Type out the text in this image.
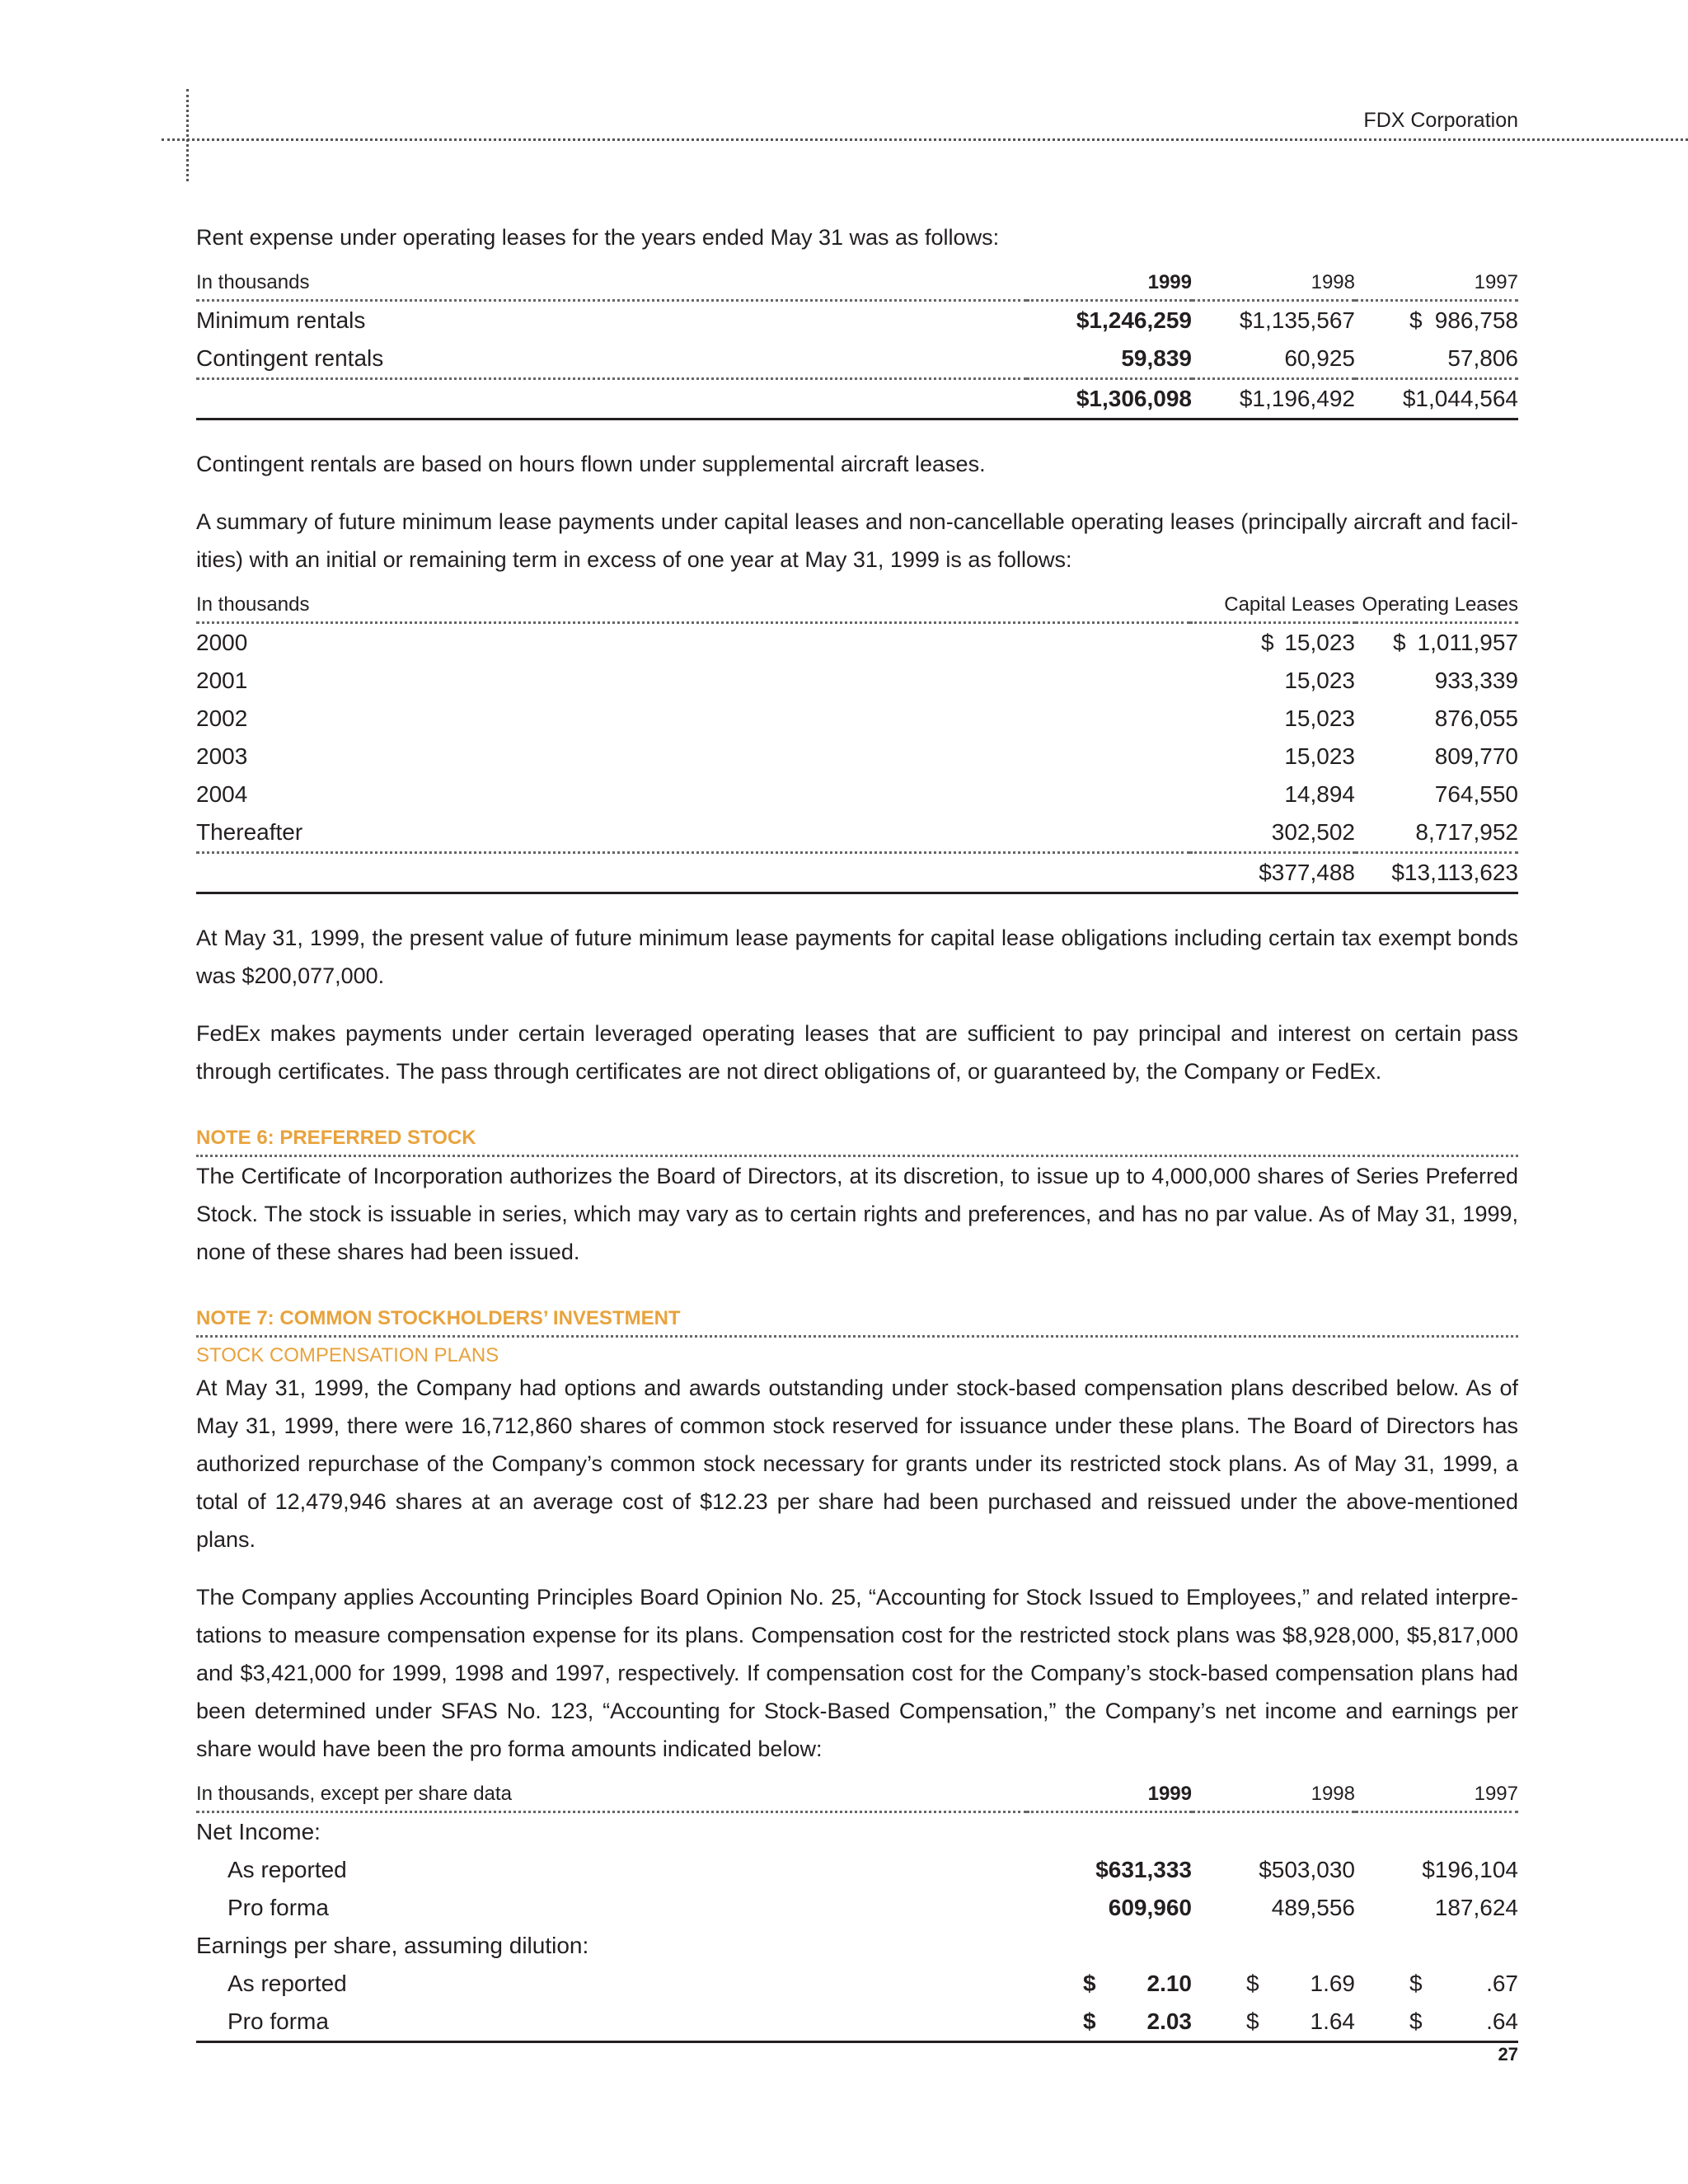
FDX Corporation

Rent expense under operating leases for the years ended May 31 was as follows:

In thousands	1999	1998	1997
Minimum rentals	$1,246,259	$1,135,567	$ 986,758

Contingent rentals	59,839	60,925	57,806
	$1,306,098	$1,196,492	$1,044,564

Contingent rentals are based on hours flown under supplemental aircraft leases.

A summary of future minimum lease payments under capital leases and non-cancellable operating leases (principally aircraft and facil-ities) with an initial or remaining term in excess of one year at May 31, 1999 is as follows:

In thousands	Capital Leases	Operating Leases
2000	$ 15,023	$ 1,011,957

2001	15,023	933,339
2002	15,023	876,055
2003	15,023	809,770
2004	14,894	764,550
Thereafter	302,502	8,717,952
	$377,488	$13,113,623

At May 31, 1999, the present value of future minimum lease payments for capital lease obligations including certain tax exempt bonds was $200,077,000.

FedEx makes payments under certain leveraged operating leases that are sufficient to pay principal and interest on certain pass through certificates. The pass through certificates are not direct obligations of, or guaranteed by, the Company or FedEx.

NOTE 6: PREFERRED STOCK

The Certificate of Incorporation authorizes the Board of Directors, at its discretion, to issue up to 4,000,000 shares of Series Preferred Stock. The stock is issuable in series, which may vary as to certain rights and preferences, and has no par value. As of May 31, 1999, none of these shares had been issued.

NOTE 7: COMMON STOCKHOLDERS’ INVESTMENT
STOCK COMPENSATION PLANS

At May 31, 1999, the Company had options and awards outstanding under stock-based compensation plans described below. As of May 31, 1999, there were 16,712,860 shares of common stock reserved for issuance under these plans. The Board of Directors has authorized repurchase of the Company’s common stock necessary for grants under its restricted stock plans. As of May 31, 1999, a total of 12,479,946 shares at an average cost of $12.23 per share had been purchased and reissued under the above-mentioned plans.

The Company applies Accounting Principles Board Opinion No. 25, “Accounting for Stock Issued to Employees,” and related interpre-tations to measure compensation expense for its plans. Compensation cost for the restricted stock plans was $8,928,000, $5,817,000 and $3,421,000 for 1999, 1998 and 1997, respectively. If compensation cost for the Company’s stock-based compensation plans had been determined under SFAS No. 123, “Accounting for Stock-Based Compensation,” the Company’s net income and earnings per share would have been the pro forma amounts indicated below:

In thousands, except per share data	1999	1998	1997
Net Income:			
As reported	$631,333	$503,030	$196,104
Pro forma	609,960	489,556	187,624
Earnings per share, assuming dilution:			
As reported	$ 2.10	$ 1.69	$ .67

Pro forma	$ 2.03	$ 1.64	$ .64
27
